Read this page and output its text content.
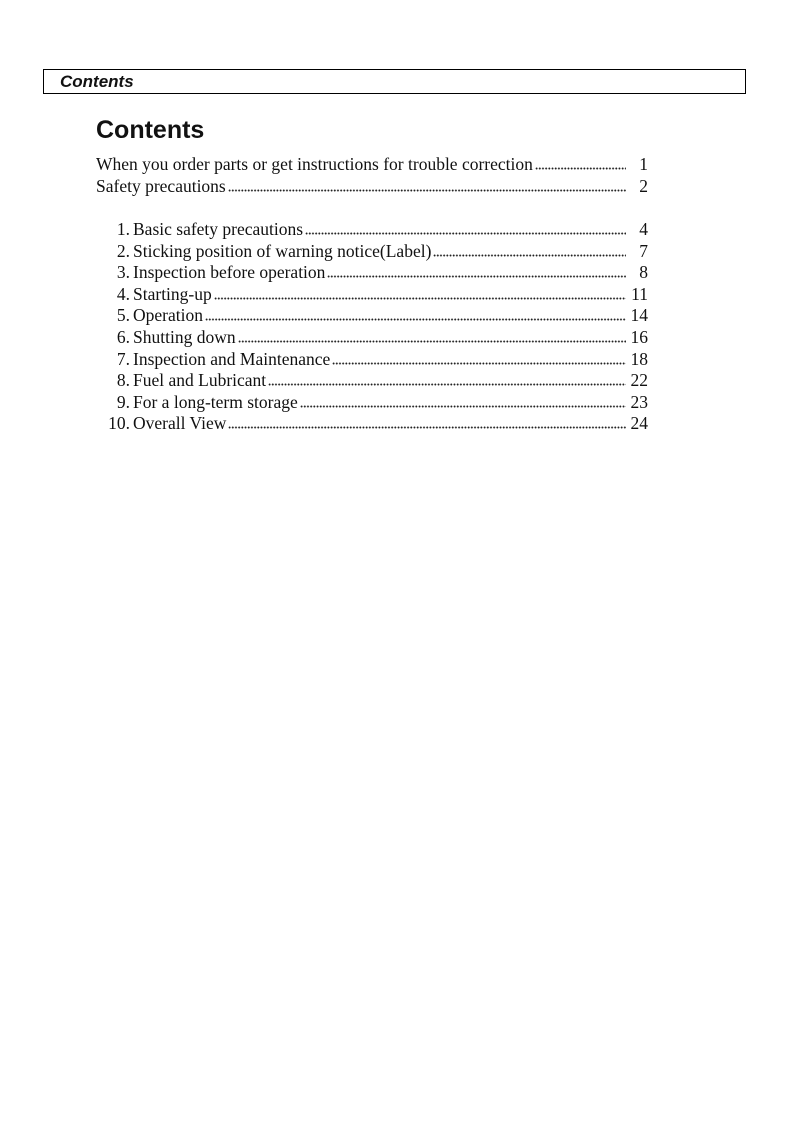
Contents
Contents
When you order parts or get instructions for trouble correction	1
Safety precautions	2
1. Basic safety precautions	4
2. Sticking position of warning notice(Label)	7
3. Inspection before operation	8
4. Starting-up	11
5. Operation	14
6. Shutting down	16
7. Inspection and Maintenance	18
8. Fuel and Lubricant	22
9. For a long-term storage	23
10. Overall View	24
